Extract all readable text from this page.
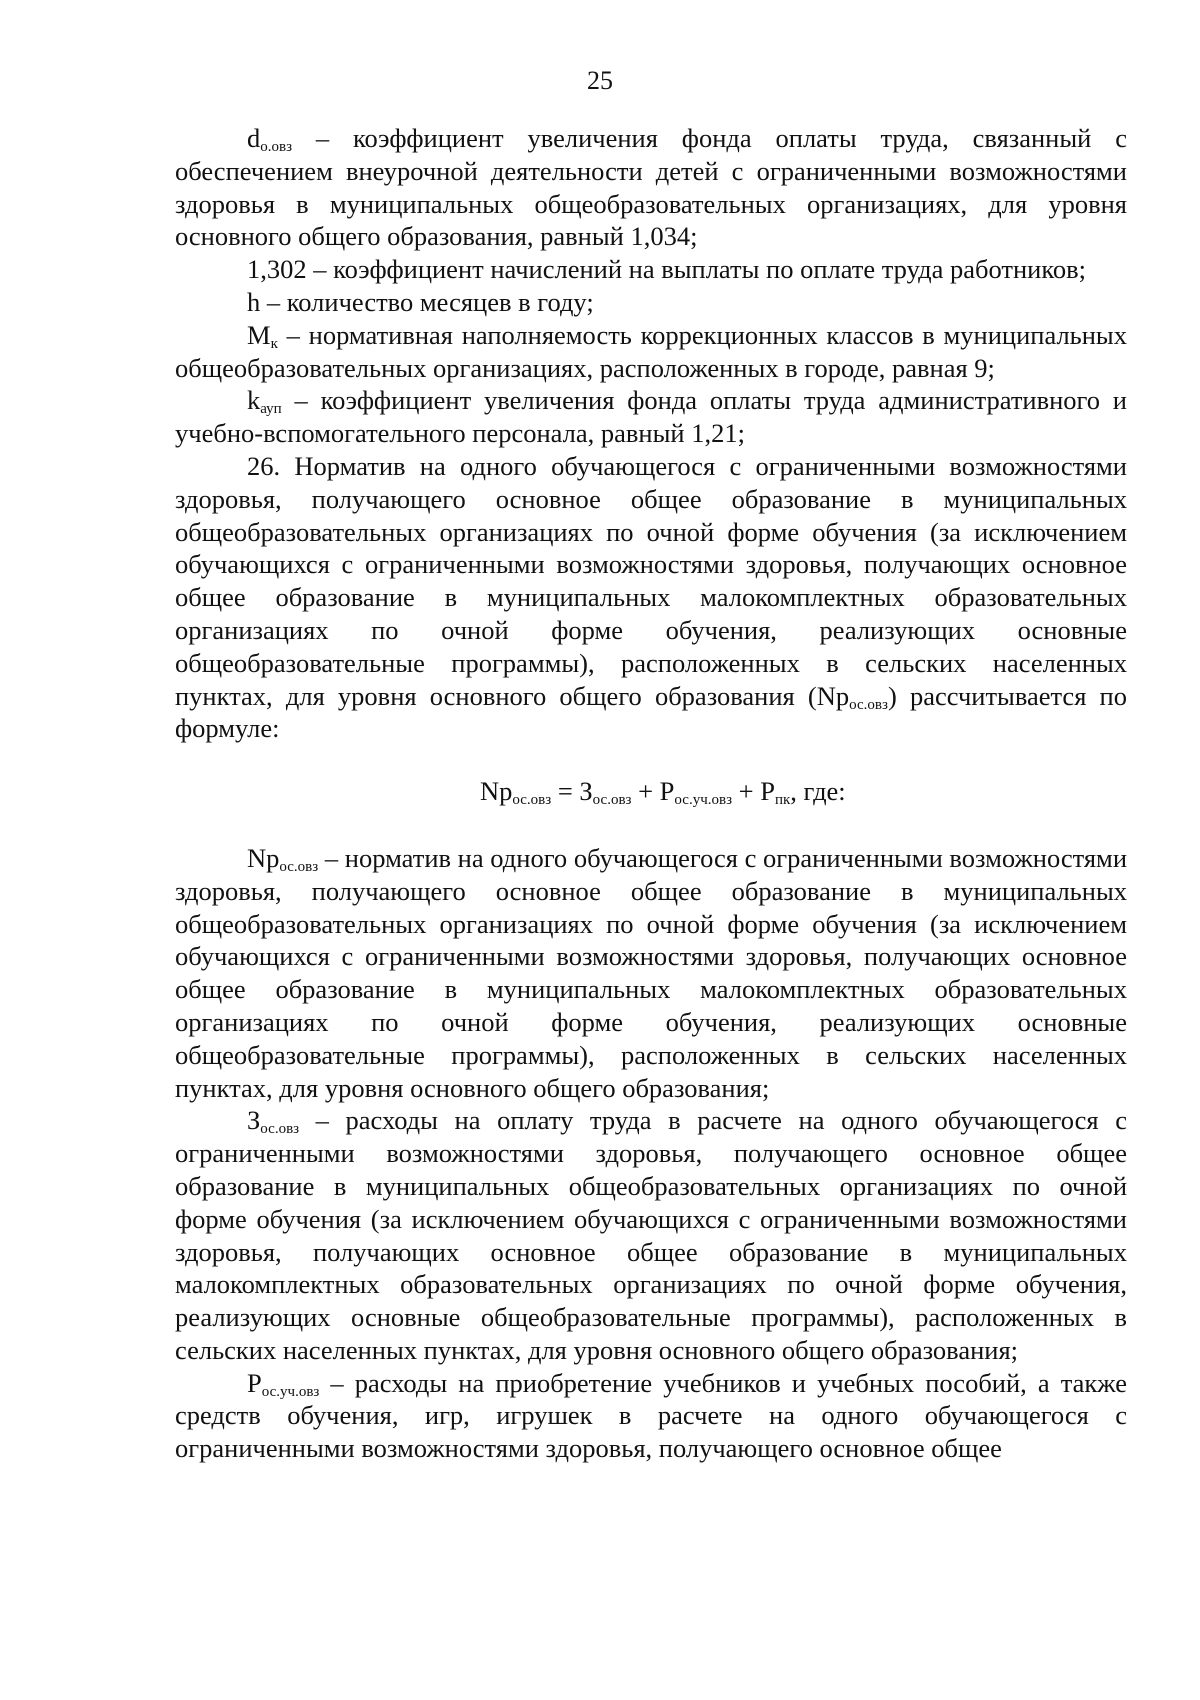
25

$d_{о.овз}$ – коэффициент увеличения фонда оплаты труда, связанный с обеспечением внеурочной деятельности детей с ограниченными возможностями здоровья в муниципальных общеобразовательных организациях, для уровня основного общего образования, равный 1,034;

1,302 – коэффициент начислений на выплаты по оплате труда работников;

h – количество месяцев в году;

$М_к$ – нормативная наполняемость коррекционных классов в муниципальных общеобразовательных организациях, расположенных в городе, равная 9;

$k_{ауп}$ – коэффициент увеличения фонда оплаты труда административного и учебно-вспомогательного персонала, равный 1,21;

26. Норматив на одного обучающегося с ограниченными возможностями здоровья, получающего основное общее образование в муниципальных общеобразовательных организациях по очной форме обучения (за исключением обучающихся с ограниченными возможностями здоровья, получающих основное общее образование в муниципальных малокомплектных образовательных организациях по очной форме обучения, реализующих основные общеобразовательные программы), расположенных в сельских населенных пунктах, для уровня основного общего образования $(Np_{ос.овз})$ рассчитывается по формуле:

$Np_{ос.овз} = З_{ос.овз} + Р_{ос.уч.овз} + Р_{пк}$, где:

$Np_{ос.овз}$ – норматив на одного обучающегося с ограниченными возможностями здоровья, получающего основное общее образование в муниципальных общеобразовательных организациях по очной форме обучения (за исключением обучающихся с ограниченными возможностями здоровья, получающих основное общее образование в муниципальных малокомплектных образовательных организациях по очной форме обучения, реализующих основные общеобразовательные программы), расположенных в сельских населенных пунктах, для уровня основного общего образования;

$З_{ос.овз}$ – расходы на оплату труда в расчете на одного обучающегося с ограниченными возможностями здоровья, получающего основное общее образование в муниципальных общеобразовательных организациях по очной форме обучения (за исключением обучающихся с ограниченными возможностями здоровья, получающих основное общее образование в муниципальных малокомплектных образовательных организациях по очной форме обучения, реализующих основные общеобразовательные программы), расположенных в сельских населенных пунктах, для уровня основного общего образования;

$Р_{ос.уч.овз}$ – расходы на приобретение учебников и учебных пособий, а также средств обучения, игр, игрушек в расчете на одного обучающегося с ограниченными возможностями здоровья, получающего основное общее
